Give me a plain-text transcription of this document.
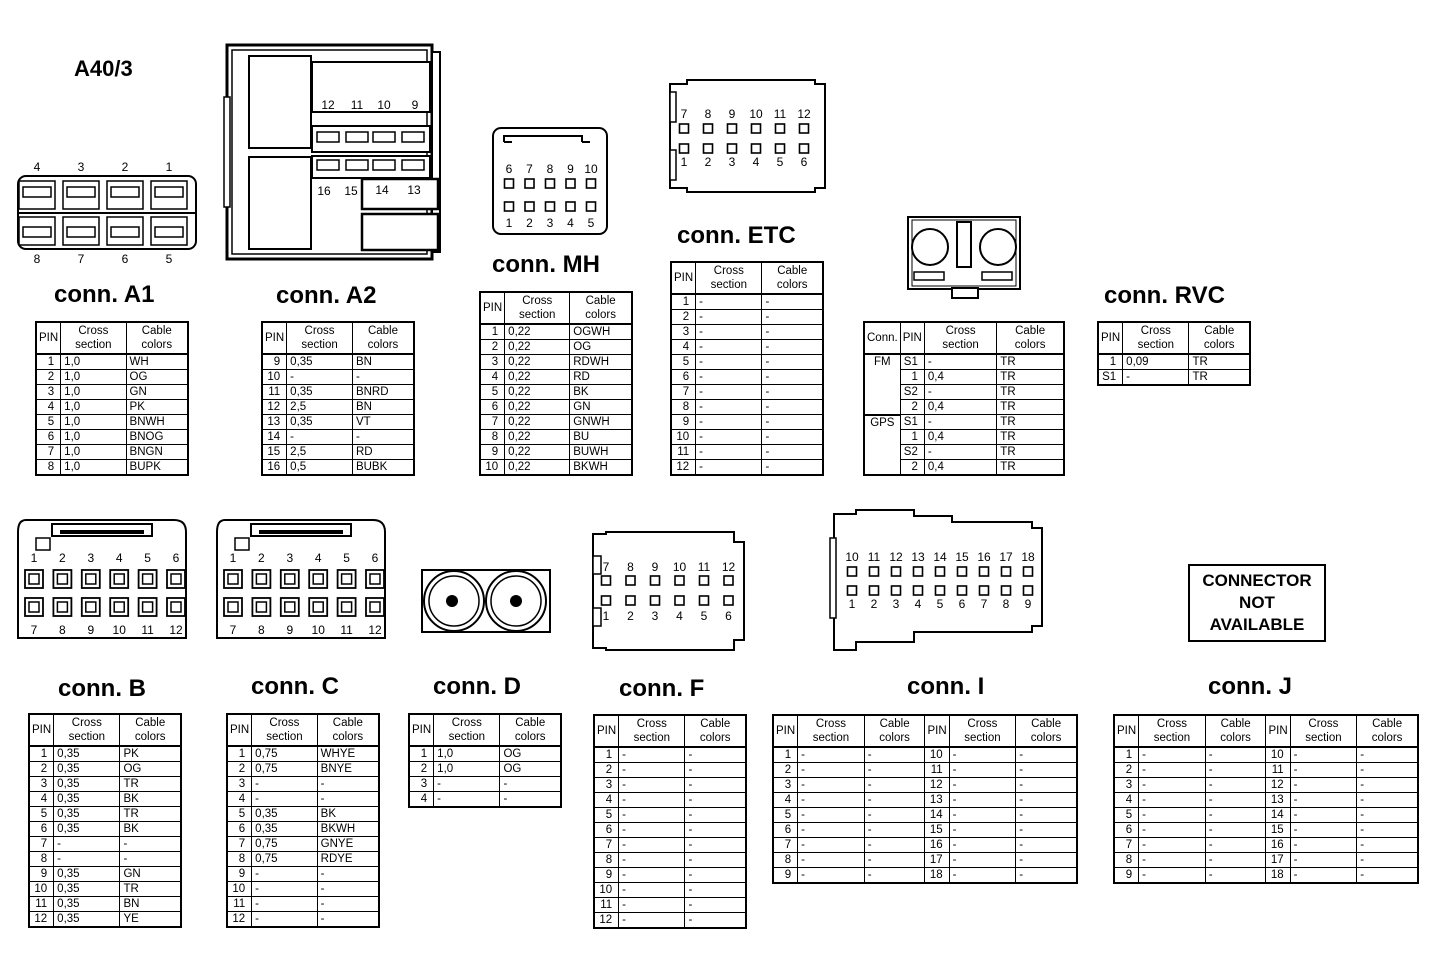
A40/3
4
8
3
7
2
6
1
5
12 11 10 9
16 15 14 13
6
1
7
2
8
3
9
4
10
5
7
1
8
2
9
3
10
4
11
5
12
6
1
7
2
8
3
9
4
10
5
11
6
12
1
7
2
8
3
9
4
10
5
11
6
12
7
1
8
2
9
3
10
4
11
5
12
6
10
1
11
2
12
3
13
4
14
5
15
6
16
7
17
8
18
9
CONNECTOR
NOT
AVAILABLE
conn. A1	conn. A2
conn. MH
conn. ETC
conn. RVC
conn. B	conn. C	conn. D	conn. F	conn. I	conn. J
PIN	Cross section	Cable colors
1	1,0	WH
2	1,0	OG
3	1,0	GN
4	1,0	PK
5	1,0	BNWH
6	1,0	BNOG
7	1,0	BNGN
8	1,0	BUPK
PIN	Cross section	Cable colors
9	0,35	BN
10	-	-
11	0,35	BNRD
12	2,5	BN
13	0,35	VT
14	-	-
15	2,5	RD
16	0,5	BUBK
PIN	Cross section	Cable colors
1	0,22	OGWH
2	0,22	OG
3	0,22	RDWH
4	0,22	RD
5	0,22	BK
6	0,22	GN
7	0,22	GNWH
8	0,22	BU
9	0,22	BUWH
10	0,22	BKWH
PIN	Cross section	Cable colors
1	-	-
2	-	-
3	-	-
4	-	-
5	-	-
6	-	-
7	-	-
8	-	-
9	-	-
10	-	-
11	-	-
12	-	-
PIN	Cross section	Cable colors
1	0,09	TR
S1	-	TR
PIN	Cross section	Cable colors
1	0,35	PK
2	0,35	OG
3	0,35	TR
4	0,35	BK
5	0,35	TR
6	0,35	BK
7	-	-
8	-	-
9	0,35	GN
10	0,35	TR
11	0,35	BN
12	0,35	YE
PIN	Cross section	Cable colors
1	0,75	WHYE
2	0,75	BNYE
3	-	-
4	-	-
5	0,35	BK
6	0,35	BKWH
7	0,75	GNYE
8	0,75	RDYE
9	-	-
10	-	-
11	-	-
12	-	-
PIN	Cross section	Cable colors
1	1,0	OG
2	1,0	OG
3	-	-
4	-	-
PIN	Cross section	Cable colors
1	-	-
2	-	-
3	-	-
4	-	-
5	-	-
6	-	-
7	-	-
8	-	-
9	-	-
10	-	-
11	-	-
12	-	-
Conn.	PIN	Cross section	Cable colors
FM	S1	-	TR
	1	0,4	TR
	S2	-	TR
	2	0,4	TR
GPS	S1	-	TR
	1	0,4	TR
	S2	-	TR
	2	0,4	TR
PIN	Cross section	Cable colors	PIN	Cross section	Cable colors
1	-	-	10	-	-
2	-	-	11	-	-
3	-	-	12	-	-
4	-	-	13	-	-
5	-	-	14	-	-
6	-	-	15	-	-
7	-	-	16	-	-
8	-	-	17	-	-
9	-	-	18	-	-
PIN	Cross section	Cable colors	PIN	Cross section	Cable colors
1	-	-	10	-	-
2	-	-	11	-	-
3	-	-	12	-	-
4	-	-	13	-	-
5	-	-	14	-	-
6	-	-	15	-	-
7	-	-	16	-	-
8	-	-	17	-	-
9	-	-	18	-	-
